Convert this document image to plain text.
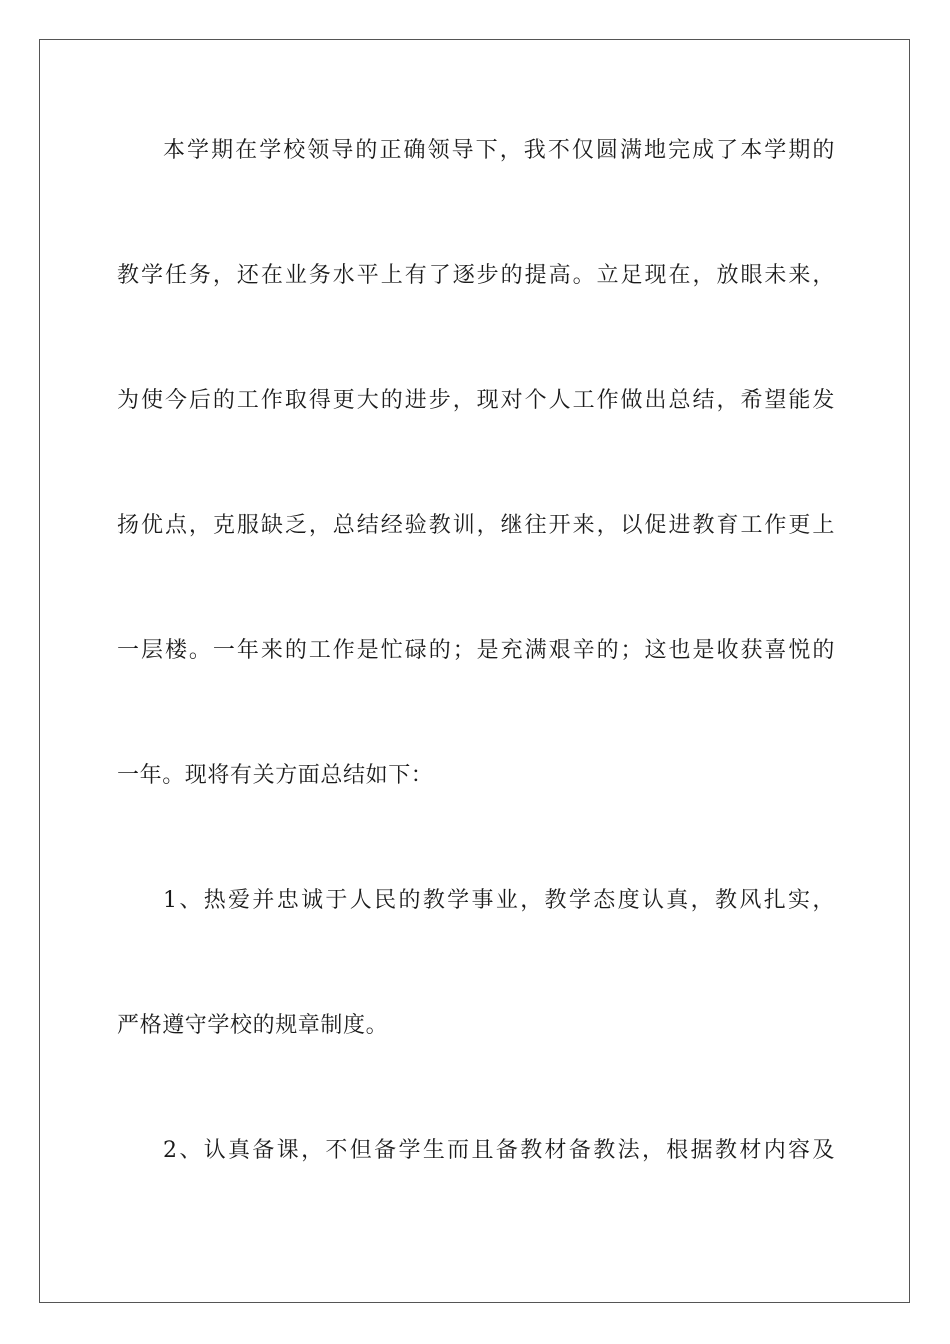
本学期在学校领导的正确领导下，我不仅圆满地完成了本学期的
教学任务，还在业务水平上有了逐步的提高。立足现在，放眼未来，
为使今后的工作取得更大的进步，现对个人工作做出总结，希望能发
扬优点，克服缺乏，总结经验教训，继往开来，以促进教育工作更上
一层楼。一年来的工作是忙碌的；是充满艰辛的；这也是收获喜悦的
一年。现将有关方面总结如下：
1、热爱并忠诚于人民的教学事业，教学态度认真，教风扎实，
严格遵守学校的规章制度。
2、认真备课，不但备学生而且备教材备教法，根据教材内容及
